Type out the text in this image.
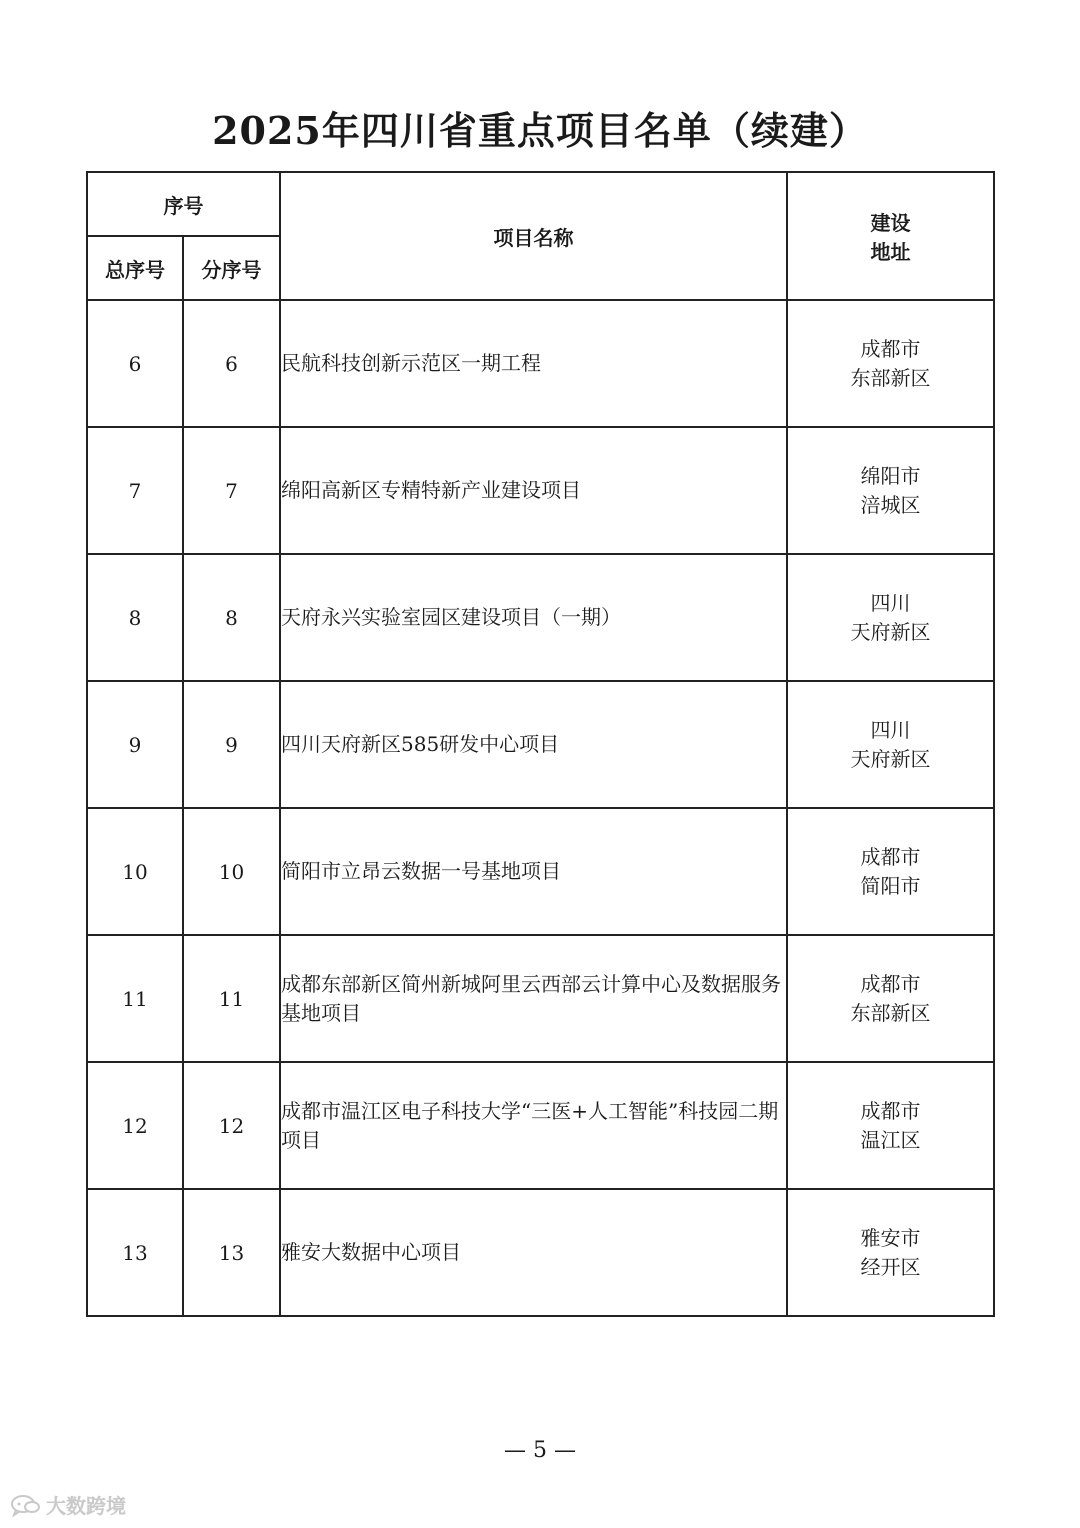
2025年四川省重点项目名单（续建）
序号		项目名称	建设
地址

总序号	分序号		
6	6	民航科技创新示范区一期工程	成都市
东部新区

7	7	绵阳高新区专精特新产业建设项目	绵阳市
涪城区

8	8	天府永兴实验室园区建设项目（一期）	四川
天府新区

9	9	四川天府新区585研发中心项目	四川
天府新区

10	10	简阳市立昂云数据一号基地项目	成都市
简阳市

11	11	成都东部新区简州新城阿里云西部云计算中心及数据服务基地项目	成都市
东部新区

12	12	成都市温江区电子科技大学“三医+人工智能”科技园二期项目	成都市
温江区

13	13	雅安大数据中心项目	雅安市
经开区
— 5 —
大数跨境
